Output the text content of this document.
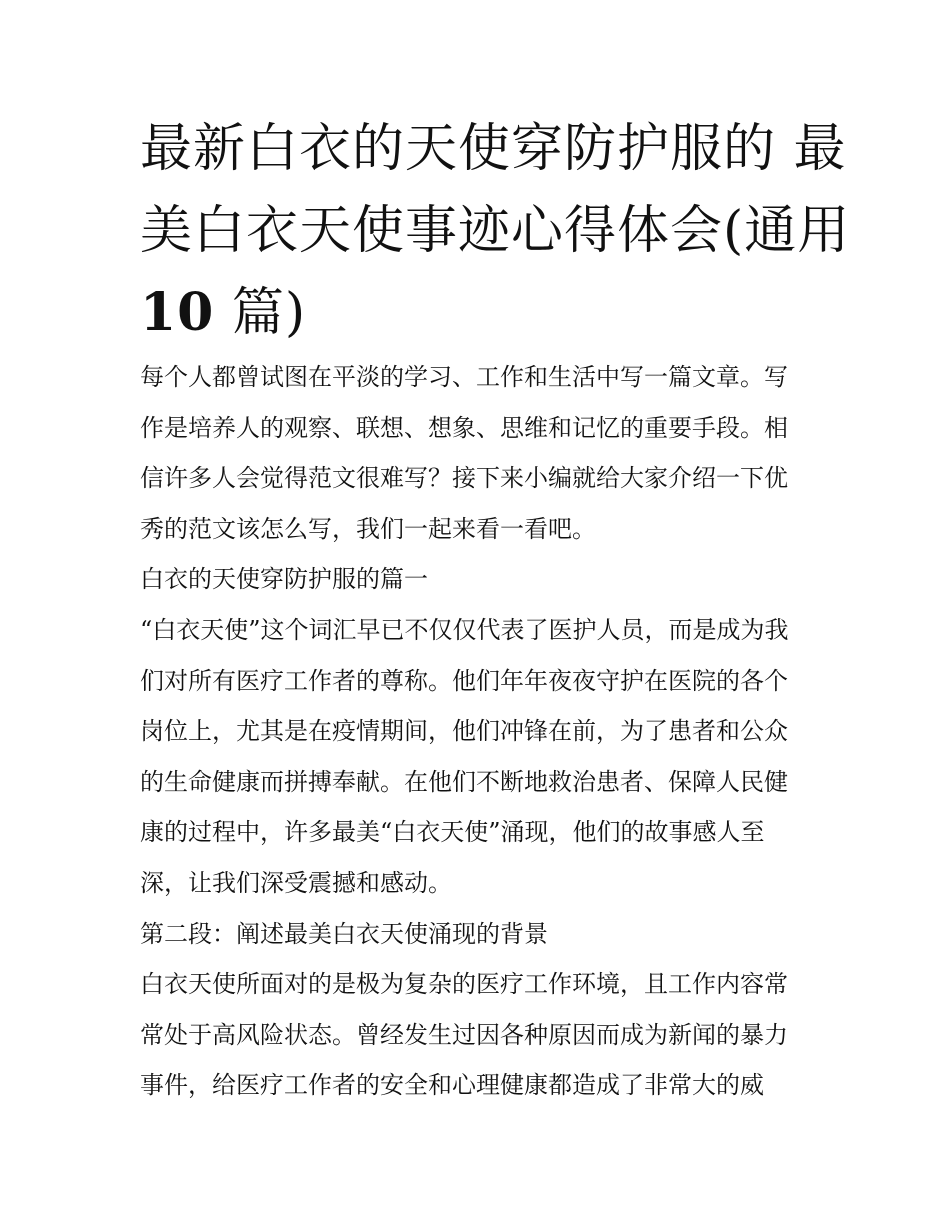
最新白衣的天使穿防护服的 最
美白衣天使事迹心得体会(通用
10 篇)
每个人都曾试图在平淡的学习、工作和生活中写一篇文章。写
作是培养人的观察、联想、想象、思维和记忆的重要手段。相
信许多人会觉得范文很难写？接下来小编就给大家介绍一下优
秀的范文该怎么写，我们一起来看一看吧。
白衣的天使穿防护服的篇一
“白衣天使”这个词汇早已不仅仅代表了医护人员，而是成为我
们对所有医疗工作者的尊称。他们年年夜夜守护在医院的各个
岗位上，尤其是在疫情期间，他们冲锋在前，为了患者和公众
的生命健康而拼搏奉献。在他们不断地救治患者、保障人民健
康的过程中，许多最美“白衣天使”涌现，他们的故事感人至
深，让我们深受震撼和感动。
第二段：阐述最美白衣天使涌现的背景
白衣天使所面对的是极为复杂的医疗工作环境，且工作内容常
常处于高风险状态。曾经发生过因各种原因而成为新闻的暴力
事件，给医疗工作者的安全和心理健康都造成了非常大的威
